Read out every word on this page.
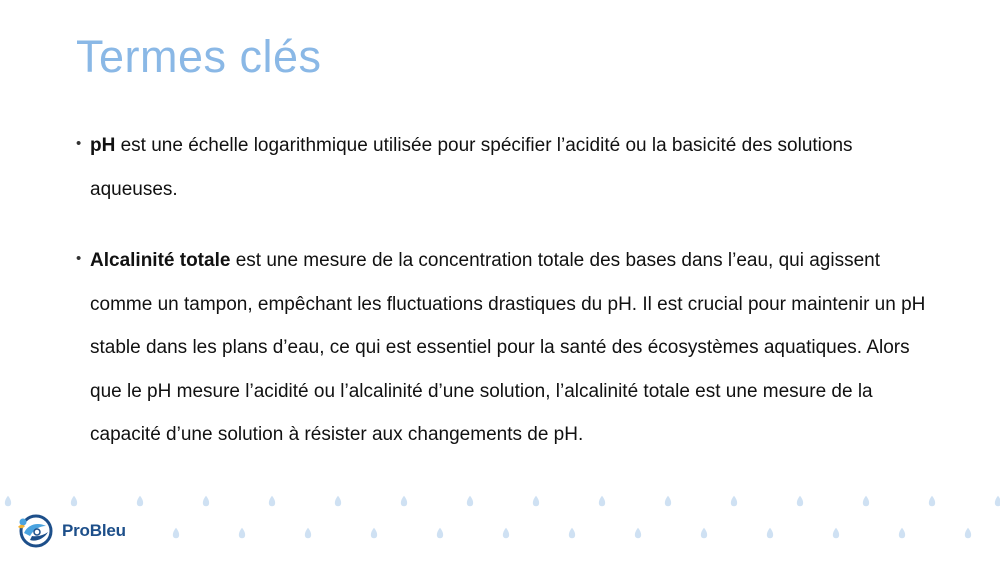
Termes clés
• pH est une échelle logarithmique utilisée pour spécifier l’acidité ou la basicité des solutions aqueuses.
• Alcalinité totale est une mesure de la concentration totale des bases dans l’eau, qui agissent comme un tampon, empêchant les fluctuations drastiques du pH. Il est crucial pour maintenir un pH stable dans les plans d’eau, ce qui est essentiel pour la santé des écosystèmes aquatiques. Alors que le pH mesure l’acidité ou l’alcalinité d’une solution, l’alcalinité totale est une mesure de la capacité d’une solution à résister aux changements de pH.
ProBleu
